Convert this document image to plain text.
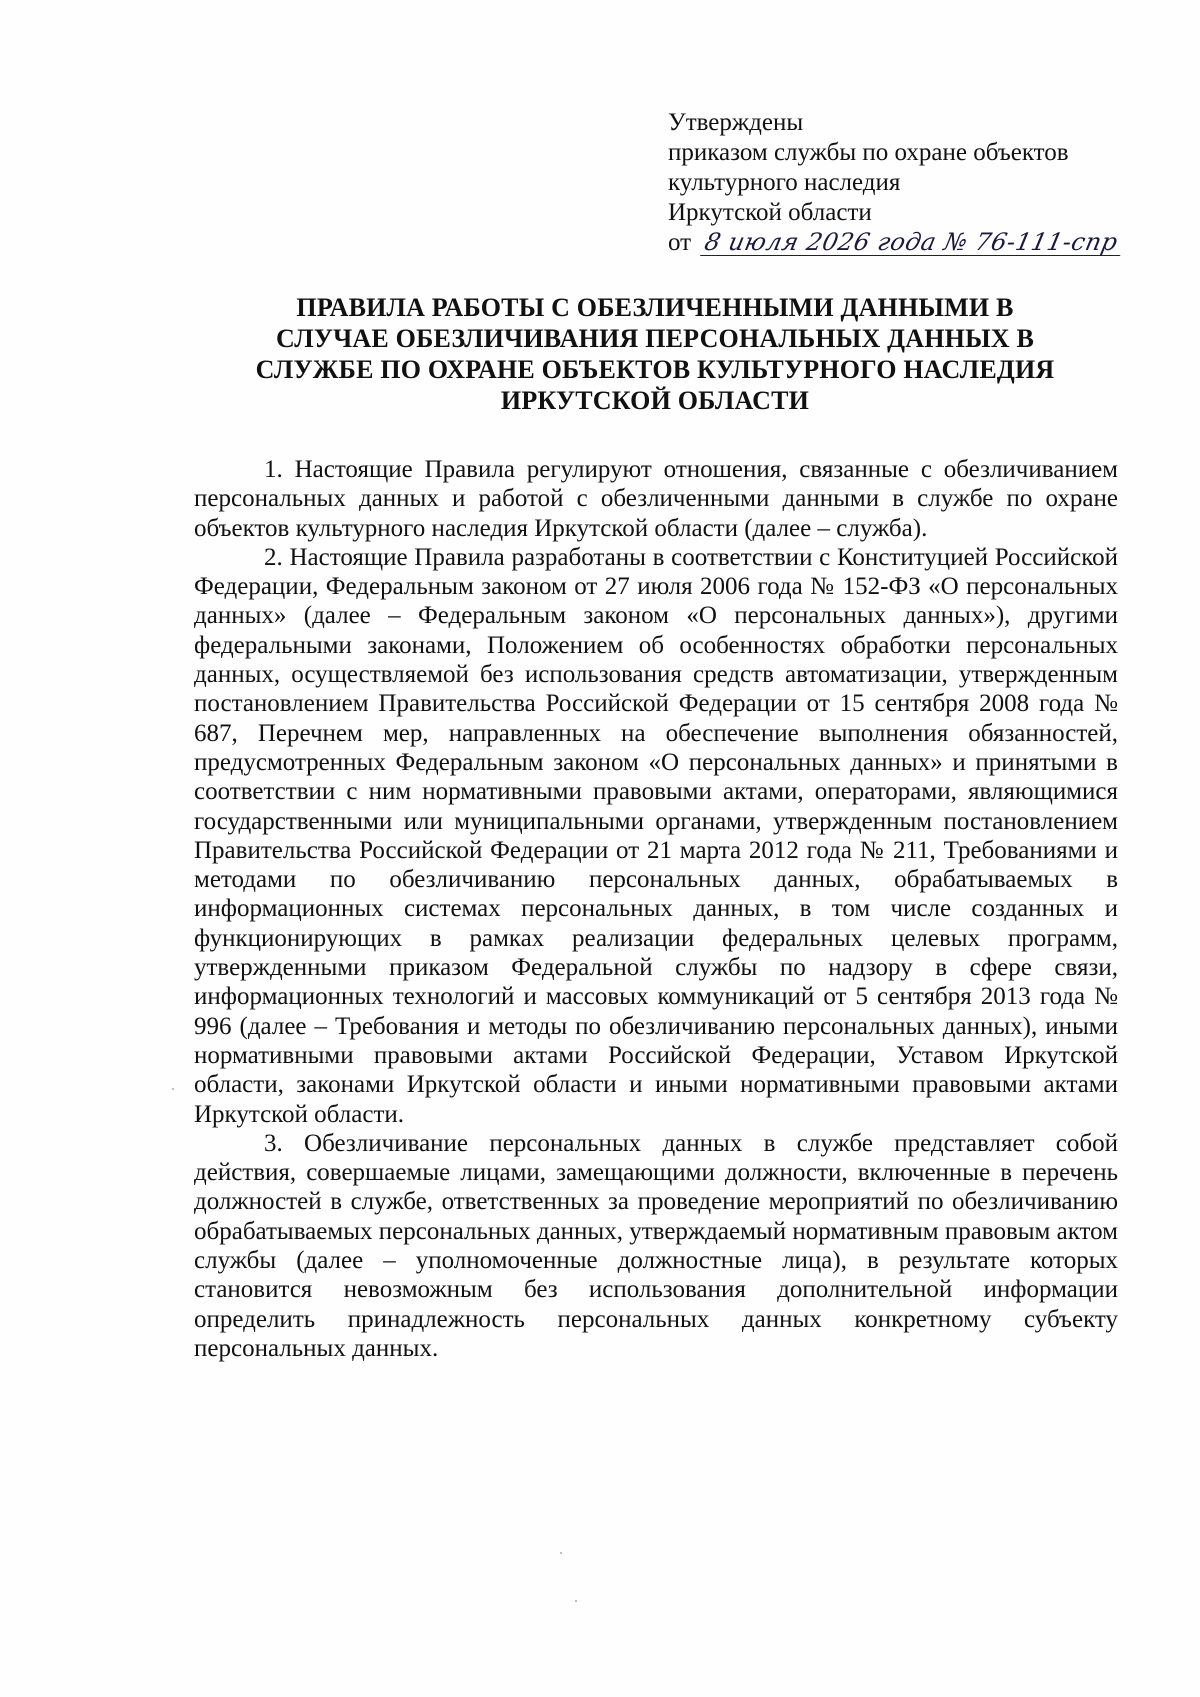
Утверждены
приказом службы по охране объектов
культурного наследия
Иркутской области
от 8 июля 2026 года № 76-111-спр
ПРАВИЛА РАБОТЫ С ОБЕЗЛИЧЕННЫМИ ДАННЫМИ В
СЛУЧАЕ ОБЕЗЛИЧИВАНИЯ ПЕРСОНАЛЬНЫХ ДАННЫХ В
СЛУЖБЕ ПО ОХРАНЕ ОБЪЕКТОВ КУЛЬТУРНОГО НАСЛЕДИЯ
ИРКУТСКОЙ ОБЛАСТИ

1. Настоящие Правила регулируют отношения, связанные с обезличиванием персональных данных и работой с обезличенными данными в службе по охране объектов культурного наследия Иркутской области (далее – служба).

2. Настоящие Правила разработаны в соответствии с Конституцией Российской Федерации, Федеральным законом от 27 июля 2006 года № 152-ФЗ «О персональных данных» (далее – Федеральным законом «О персональных данных»), другими федеральными законами, Положением об особенностях обработки персональных данных, осуществляемой без использования средств автоматизации, утвержденным постановлением Правительства Российской Федерации от 15 сентября 2008 года № 687, Перечнем мер, направленных на обеспечение выполнения обязанностей, предусмотренных Федеральным законом «О персональных данных» и принятыми в соответствии с ним нормативными правовыми актами, операторами, являющимися государственными или муниципальными органами, утвержденным постановлением Правительства Российской Федерации от 21 марта 2012 года № 211, Требованиями и методами по обезличиванию персональных данных, обрабатываемых в информационных системах персональных данных, в том числе созданных и функционирующих в рамках реализации федеральных целевых программ, утвержденными приказом Федеральной службы по надзору в сфере связи, информационных технологий и массовых коммуникаций от 5 сентября 2013 года № 996 (далее – Требования и методы по обезличиванию персональных данных), иными нормативными правовыми актами Российской Федерации, Уставом Иркутской области, законами Иркутской области и иными нормативными правовыми актами Иркутской области.

3. Обезличивание персональных данных в службе представляет собой действия, совершаемые лицами, замещающими должности, включенные в перечень должностей в службе, ответственных за проведение мероприятий по обезличиванию обрабатываемых персональных данных, утверждаемый нормативным правовым актом службы (далее – уполномоченные должностные лица), в результате которых становится невозможным без использования дополнительной информации определить принадлежность персональных данных конкретному субъекту персональных данных.
